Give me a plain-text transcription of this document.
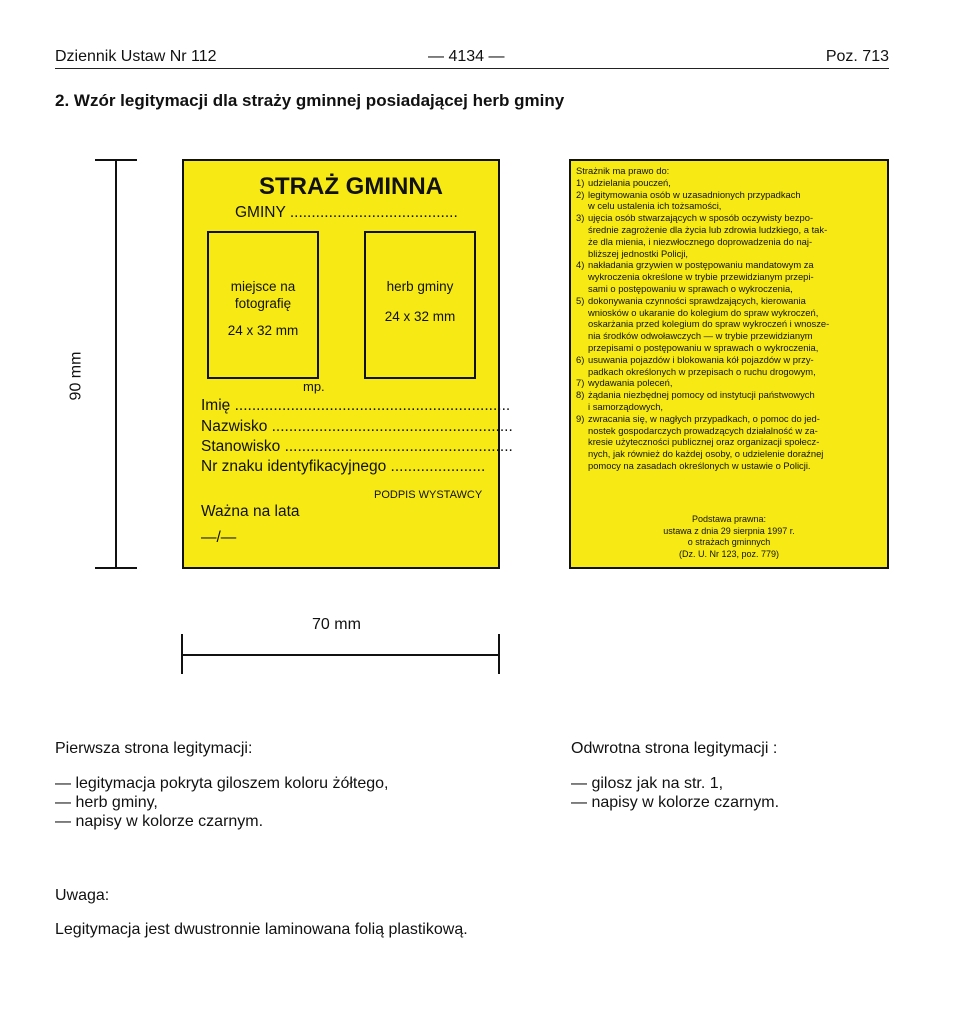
Dziennik Ustaw Nr 112	— 4134 —	Poz. 713
2. Wzór legitymacji dla straży gminnej posiadającej herb gminy
90 mm
STRAŻ GMINNA
GMINY .......................................
miejsce na
fotografię
24 x 32 mm
herb gminy
24 x 32 mm
mp.
Imię ................................................................
Nazwisko ........................................................
Stanowisko .....................................................
Nr znaku identyfikacyjnego ......................
PODPIS WYSTAWCY
Ważna na lata
—/—
Strażnik ma prawo do:
1) udzielania pouczeń,
2) legitymowania osób w uzasadnionych przypadkach
w celu ustalenia ich tożsamości,
3) ujęcia osób stwarzających w sposób oczywisty bezpo-
średnie zagrożenie dla życia lub zdrowia ludzkiego, a tak-
że dla mienia, i niezwłocznego doprowadzenia do naj-
bliższej jednostki Policji,
4) nakładania grzywien w postępowaniu mandatowym za
wykroczenia określone w trybie przewidzianym przepi-
sami o postępowaniu w sprawach o wykroczenia,
5) dokonywania czynności sprawdzających, kierowania
wniosków o ukaranie do kolegium do spraw wykroczeń,
oskarżania przed kolegium do spraw wykroczeń i wnosze-
nia środków odwoławczych — w trybie przewidzianym
przepisami o postępowaniu w sprawach o wykroczenia,
6) usuwania pojazdów i blokowania kół pojazdów w przy-
padkach określonych w przepisach o ruchu drogowym,
7) wydawania poleceń,
8) żądania niezbędnej pomocy od instytucji państwowych
i samorządowych,
9) zwracania się, w nagłych przypadkach, o pomoc do jed-
nostek gospodarczych prowadzących działalność w za-
kresie użyteczności publicznej oraz organizacji społecz-
nych, jak również do każdej osoby, o udzielenie doraźnej
pomocy na zasadach określonych w ustawie o Policji.
Podstawa prawna:
ustawa z dnia 29 sierpnia 1997 r.
o strażach gminnych
(Dz. U. Nr 123, poz. 779)
70 mm
Pierwsza strona legitymacji:
— legitymacja pokryta giloszem koloru żółtego,
— herb gminy,
— napisy w kolorze czarnym.
Odwrotna strona legitymacji :
— gilosz jak na str. 1,
— napisy w kolorze czarnym.
Uwaga:
Legitymacja jest dwustronnie laminowana folią plastikową.
